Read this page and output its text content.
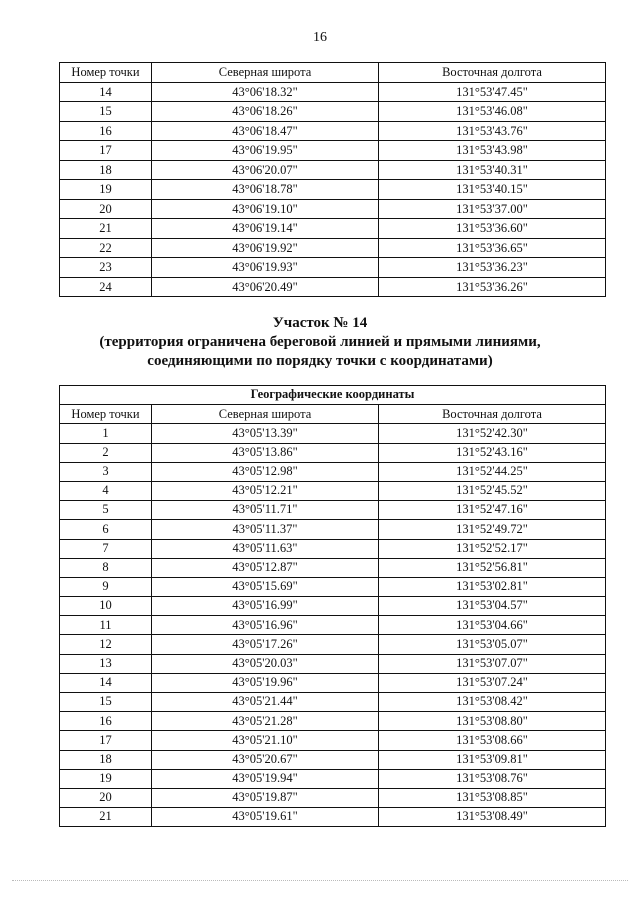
16
Номер точки	Северная широта	Восточная долгота
14	43°06'18.32"	131°53'47.45"
15	43°06'18.26"	131°53'46.08"
16	43°06'18.47"	131°53'43.76"
17	43°06'19.95"	131°53'43.98"
18	43°06'20.07"	131°53'40.31"
19	43°06'18.78"	131°53'40.15"
20	43°06'19.10"	131°53'37.00"
21	43°06'19.14"	131°53'36.60"
22	43°06'19.92"	131°53'36.65"
23	43°06'19.93"	131°53'36.23"
24	43°06'20.49"	131°53'36.26"
Участок № 14
(территория ограничена береговой линией и прямыми линиями,
соединяющими по порядку точки с координатами)
Географические координаты		
Номер точки	Северная широта	Восточная долгота
1	43°05'13.39"	131°52'42.30"
2	43°05'13.86"	131°52'43.16"
3	43°05'12.98"	131°52'44.25"
4	43°05'12.21"	131°52'45.52"
5	43°05'11.71"	131°52'47.16"
6	43°05'11.37"	131°52'49.72"
7	43°05'11.63"	131°52'52.17"
8	43°05'12.87"	131°52'56.81"
9	43°05'15.69"	131°53'02.81"
10	43°05'16.99"	131°53'04.57"
11	43°05'16.96"	131°53'04.66"
12	43°05'17.26"	131°53'05.07"
13	43°05'20.03"	131°53'07.07"
14	43°05'19.96"	131°53'07.24"
15	43°05'21.44"	131°53'08.42"
16	43°05'21.28"	131°53'08.80"
17	43°05'21.10"	131°53'08.66"
18	43°05'20.67"	131°53'09.81"
19	43°05'19.94"	131°53'08.76"
20	43°05'19.87"	131°53'08.85"
21	43°05'19.61"	131°53'08.49"
